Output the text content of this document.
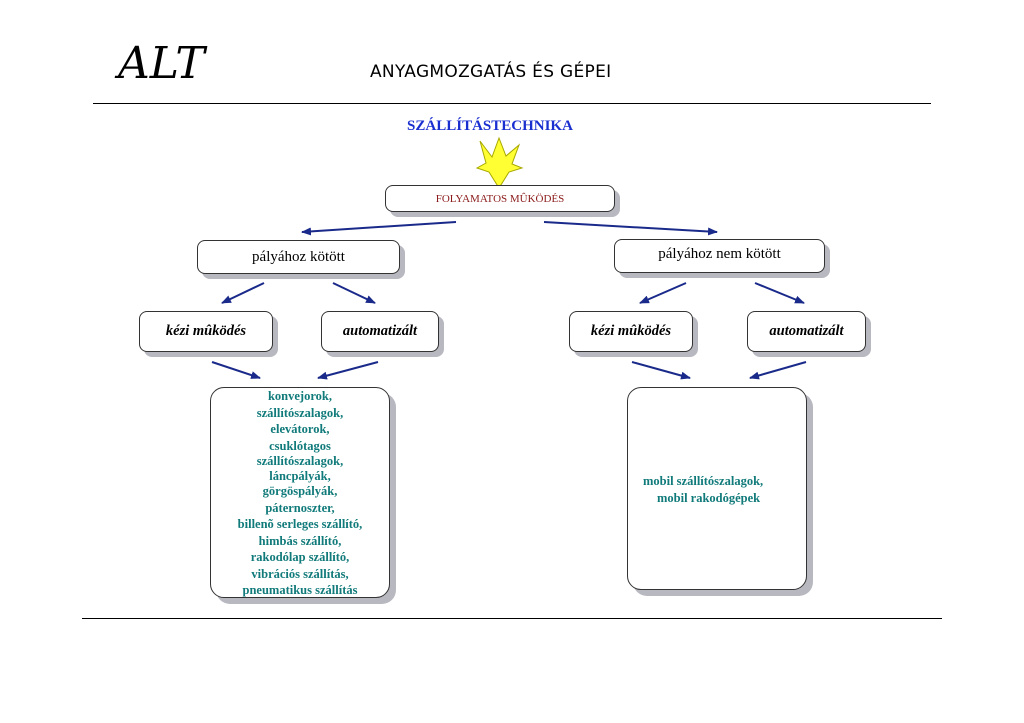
ALT	ANYAGMOZGATÁS ÉS GÉPEI
SZÁLLÍTÁSTECHNIKA
FOLYAMATOS MÛKÖDÉS
pályához kötött	pályához nem kötött
kézi mûködés	automatizált	kézi mûködés	automatizált
konvejorok,
szállítószalagok,
elevátorok,
csuklótagos
szállítószalagok,
láncpályák,
görgöspályák,
páternoszter,
billenõ serleges szállító,
himbás szállító,
rakodólap szállító,
vibrációs szállítás,
pneumatikus szállítás
mobil szállítószalagok,
mobil rakodógépek
